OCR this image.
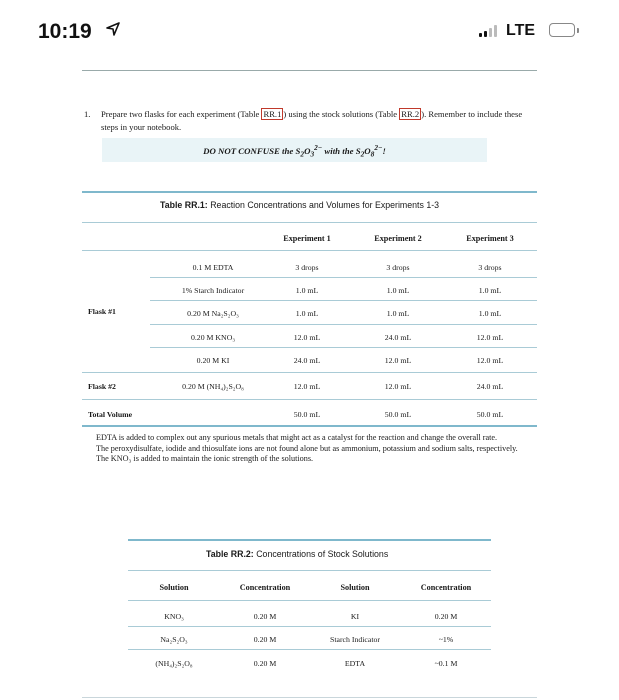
10:19	LTE
1. Prepare two flasks for each experiment (Table RR.1 ) using the stock solutions (Table RR.2 ). Remember to include these steps in your notebook.
DO NOT CONFUSE the $S_2O_3^{2-}$ with the $S_2O_8^{2-}$!
Table RR.1: Reaction Concentrations and Volumes for Experiments 1-3
Experiment 1	Experiment 2	Experiment 3
Flask #1
0.1 M EDTA	3 drops	3 drops	3 drops
1% Starch Indicator	1.0 mL	1.0 mL	1.0 mL
0.20 M Na₂S₂O₃	1.0 mL	1.0 mL	1.0 mL
0.20 M KNO₃	12.0 mL	24.0 mL	12.0 mL
0.20 M KI	24.0 mL	12.0 mL	12.0 mL
Flask #2	0.20 M (NH₄)₂S₂O₈	12.0 mL	12.0 mL	24.0 mL
Total Volume	50.0 mL	50.0 mL	50.0 mL
EDTA is added to complex out any spurious metals that might act as a catalyst for the reaction and change the overall rate.
The peroxydisulfate, iodide and thiosulfate ions are not found alone but as ammonium, potassium and sodium salts, respectively.
The KNO₃ is added to maintain the ionic strength of the solutions.
Table RR.2: Concentrations of Stock Solutions
Solution	Concentration	Solution	Concentration
KNO₃	0.20 M	KI	0.20 M
Na₂S₂O₃	0.20 M	Starch Indicator	~1%
(NH₄)₂S₂O₈	0.20 M	EDTA	~0.1 M
